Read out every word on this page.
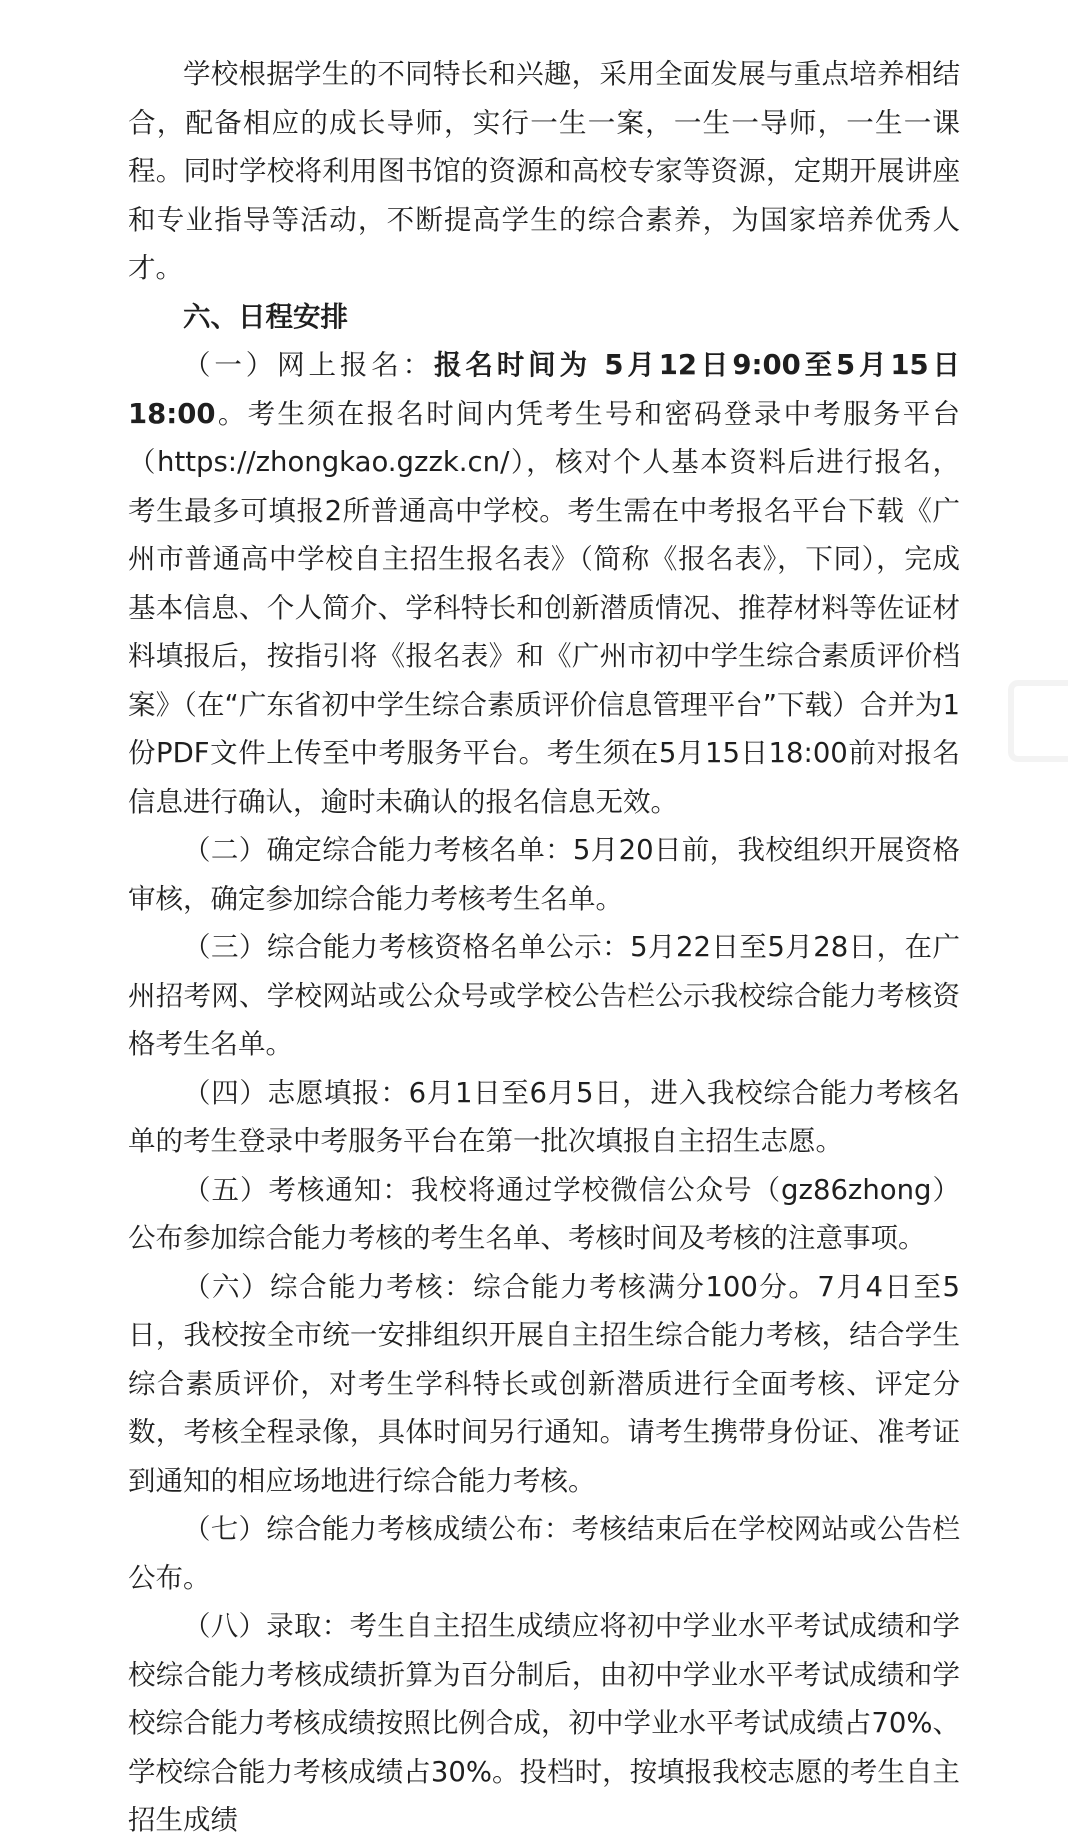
学校根据学生的不同特长和兴趣，采用全面发展与重点培养相结合，配备相应的成长导师，实行一生一案，一生一导师，一生一课程。同时学校将利用图书馆的资源和高校专家等资源，定期开展讲座和专业指导等活动，不断提高学生的综合素养，为国家培养优秀人才。

六、日程安排

（一）网上报名：报名时间为 5月12日9:00至5月15日18:00。考生须在报名时间内凭考生号和密码登录中考服务平台（https://zhongkao.gzzk.cn/），核对个人基本资料后进行报名，考生最多可填报2所普通高中学校。考生需在中考报名平台下载《广州市普通高中学校自主招生报名表》（简称《报名表》，下同），完成基本信息、个人简介、学科特长和创新潜质情况、推荐材料等佐证材料填报后，按指引将《报名表》和《广州市初中学生综合素质评价档案》（在“广东省初中学生综合素质评价信息管理平台”下载）合并为1份PDF文件上传至中考服务平台。考生须在5月15日18:00前对报名信息进行确认，逾时未确认的报名信息无效。

（二）确定综合能力考核名单：5月20日前，我校组织开展资格审核，确定参加综合能力考核考生名单。

（三）综合能力考核资格名单公示：5月22日至5月28日，在广州招考网、学校网站或公众号或学校公告栏公示我校综合能力考核资格考生名单。

（四）志愿填报：6月1日至6月5日，进入我校综合能力考核名单的考生登录中考服务平台在第一批次填报自主招生志愿。

（五）考核通知：我校将通过学校微信公众号（gz86zhong）公布参加综合能力考核的考生名单、考核时间及考核的注意事项。

（六）综合能力考核：综合能力考核满分100分。7月4日至5日，我校按全市统一安排组织开展自主招生综合能力考核，结合学生综合素质评价，对考生学科特长或创新潜质进行全面考核、评定分数，考核全程录像，具体时间另行通知。请考生携带身份证、准考证到通知的相应场地进行综合能力考核。

（七）综合能力考核成绩公布：考核结束后在学校网站或公告栏公布。

（八）录取：考生自主招生成绩应将初中学业水平考试成绩和学校综合能力考核成绩折算为百分制后，由初中学业水平考试成绩和学校综合能力考核成绩按照比例合成，初中学业水平考试成绩占70%、学校综合能力考核成绩占30%。投档时，按填报我校志愿的考生自主招生成绩
